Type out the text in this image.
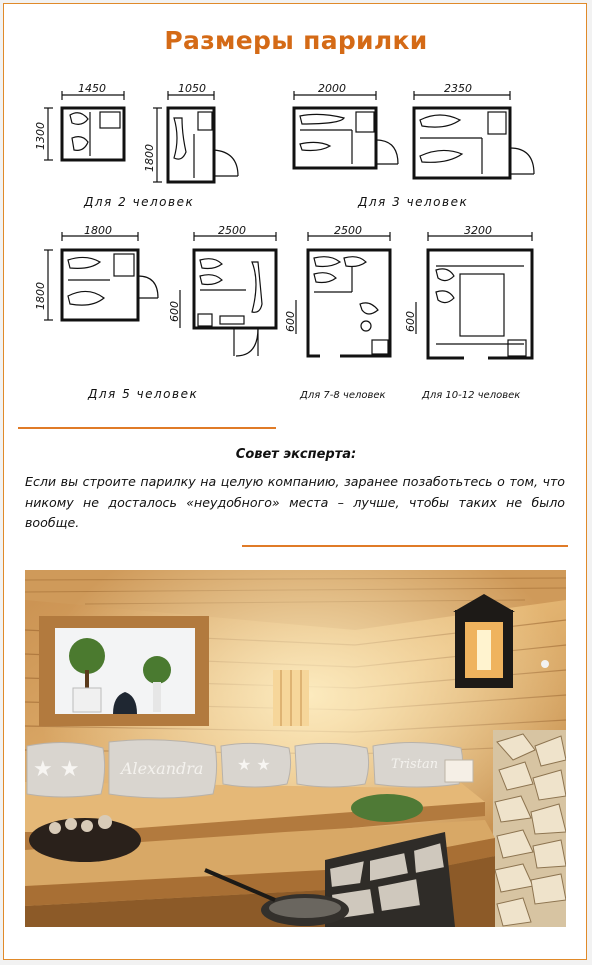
Размеры парилки
1450	1050	2000	2350
1300
1800
Для 2 человек	Для 3 человек
1800	2500	2500	3200
1800
600	600	600
Для 5 человек	Для 7-8 человек	Для 10-12 человек
Совет эксперта:
Если вы строите парилку на целую компанию, заранее позаботьтесь о том, что никому не досталось «неудобного» места – лучше, чтобы таких не было вообще.
★ ★	★ ★
Alexandra	Tristan
